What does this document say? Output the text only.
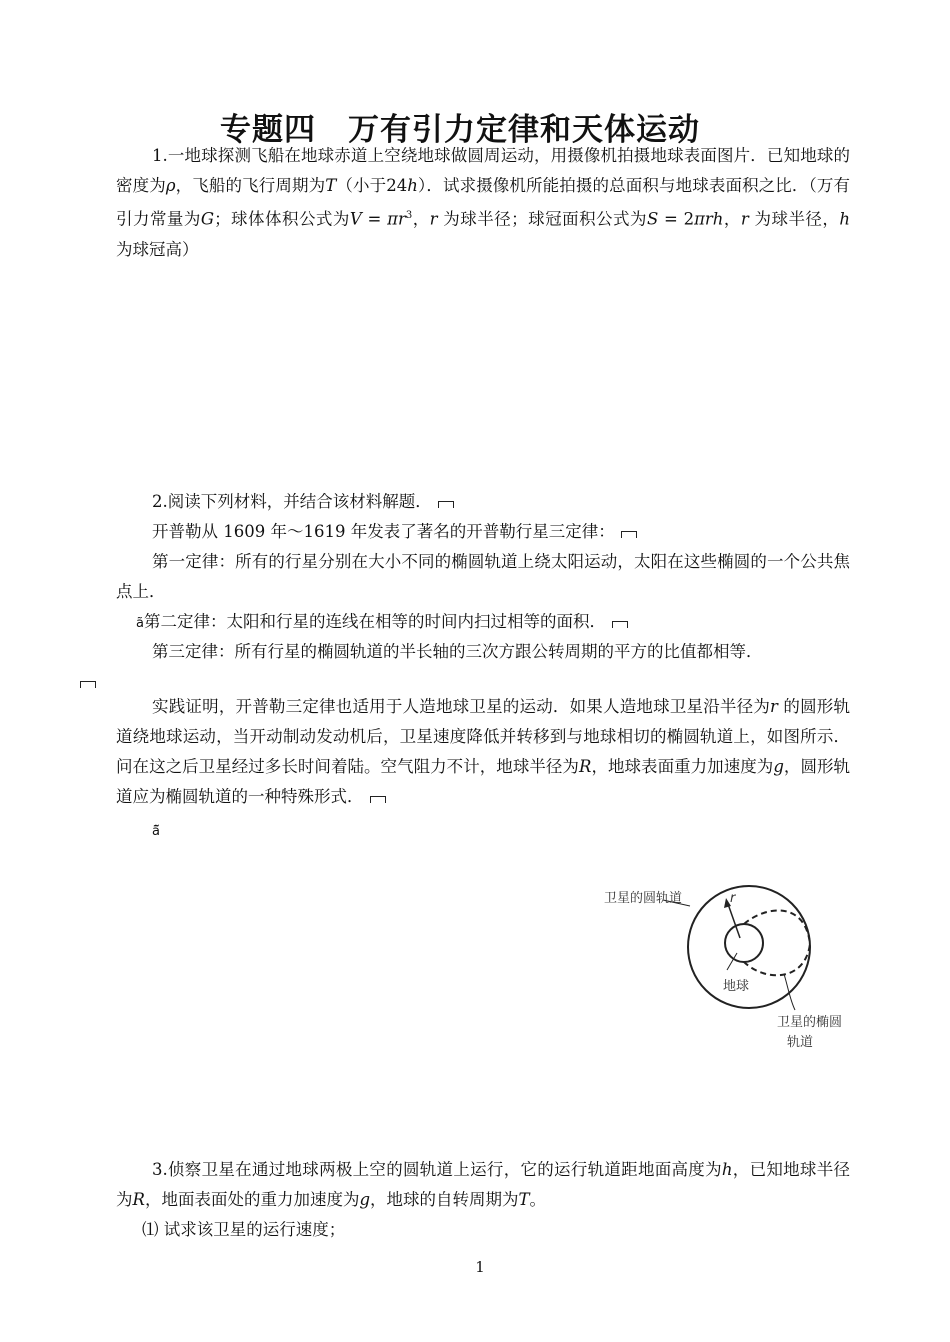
专题四　万有引力定律和天体运动

1.一地球探测飞船在地球赤道上空绕地球做圆周运动，用摄像机拍摄地球表面图片．已知地球的密度为ρ，飞船的飞行周期为T（小于24h）．试求摄像机所能拍摄的总面积与地球表面积之比．（万有引力常量为G；球体体积公式为$V = \pi r^3$，r 为球半径；球冠面积公式为S = 2πrh，r 为球半径，h 为球冠高）

2.阅读下列材料，并结合该材料解题．

开普勒从 1609 年～1619 年发表了著名的开普勒行星三定律：

第一定律：所有的行星分别在大小不同的椭圆轨道上绕太阳运动，太阳在这些椭圆的一个公共焦点上．

ã第二定律：太阳和行星的连线在相等的时间内扫过相等的面积．

第三定律：所有行星的椭圆轨道的半长轴的三次方跟公转周期的平方的比值都相等．

实践证明，开普勒三定律也适用于人造地球卫星的运动．如果人造地球卫星沿半径为r 的圆形轨道绕地球运动，当开动制动发动机后，卫星速度降低并转移到与地球相切的椭圆轨道上，如图所示．问在这之后卫星经过多长时间着陆。空气阻力不计，地球半径为R，地球表面重力加速度为g，圆形轨道应为椭圆轨道的一种特殊形式．

ã̃

r
卫星的圆轨道
地球
卫星的椭圆
轨道

3.侦察卫星在通过地球两极上空的圆轨道上运行，它的运行轨道距地面高度为h，已知地球半径为R，地面表面处的重力加速度为g，地球的自转周期为T。

⑴ 试求该卫星的运行速度；

1
